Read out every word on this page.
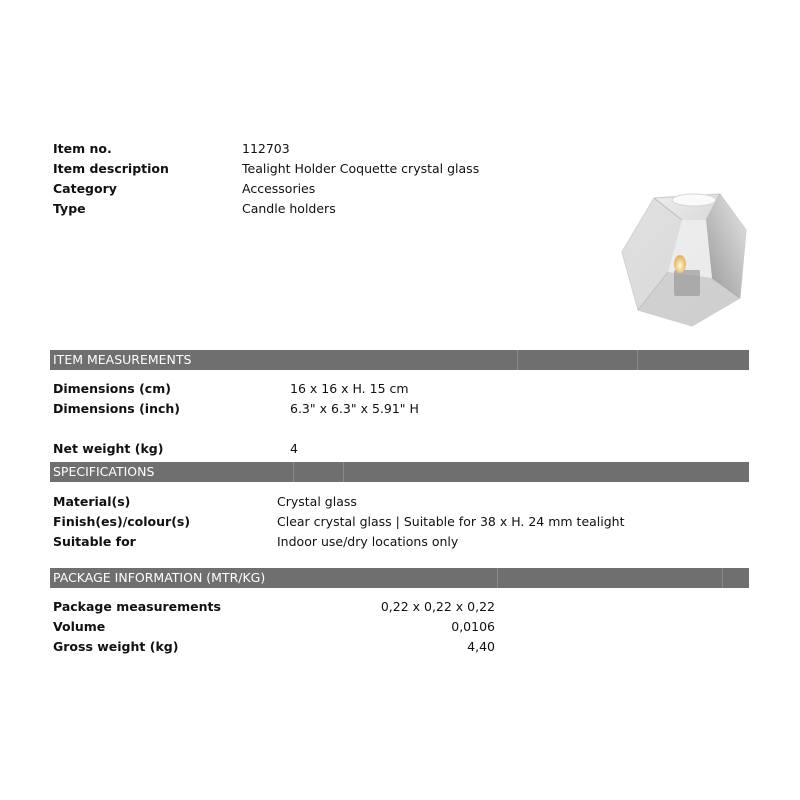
Item no.	112703
Item description	Tealight Holder Coquette crystal glass
Category	Accessories
Type	Candle holders
ITEM MEASUREMENTS
Dimensions (cm)	16 x 16 x H. 15 cm
Dimensions (inch)	6.3" x 6.3" x 5.91" H
Net weight (kg)	4
SPECIFICATIONS
Material(s)	Crystal glass
Finish(es)/colour(s)	Clear crystal glass | Suitable for 38 x H. 24 mm tealight
Suitable for	Indoor use/dry locations only
PACKAGE INFORMATION (MTR/KG)
Package measurements	0,22 x 0,22 x 0,22
Volume	0,0106
Gross weight (kg)	4,40
